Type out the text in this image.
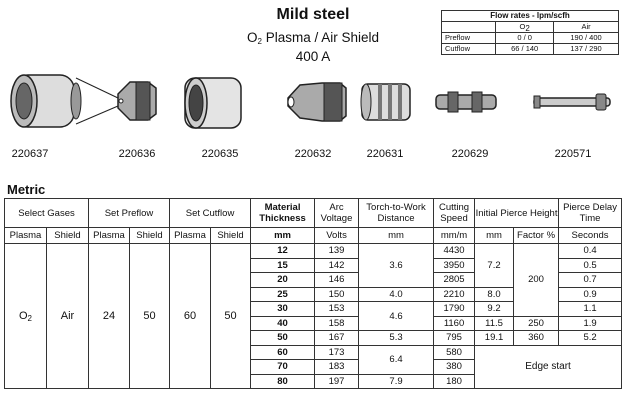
Mild steel
$O_2$ Plasma / Air Shield
400 A
Flow rates - lpm/scfh		
	$O_2$	Air
Preflow	0 / 0	190 / 400
Cutflow	66 / 140	137 / 290
220637	220636	220635	220632	220631	220629	220571
Metric
Select Gases		Set Preflow		Set Cutflow		Material Thickness	Arc Voltage	Torch-to-Work Distance	Cutting Speed	Initial Pierce Height		Pierce Delay Time
Plasma	Shield	Plasma	Shield	Plasma	Shield	mm	Volts	mm	mm/m	mm	Factor %	Seconds
$O_2$	Air	24	50	60	50	12	139	3.6	4430	7.2	200	0.4
						15	142		3950			0.5
						20	146		2805			0.7
						25	150	4.0	2210	8.0		0.9
						30	153	4.6	1790	9.2		1.1
						40	158		1160	11.5	250	1.9
						50	167	5.3	795	19.1	360	5.2
						60	173	6.4	580	Edge start		
						70	183		380			
						80	197	7.9	180			
